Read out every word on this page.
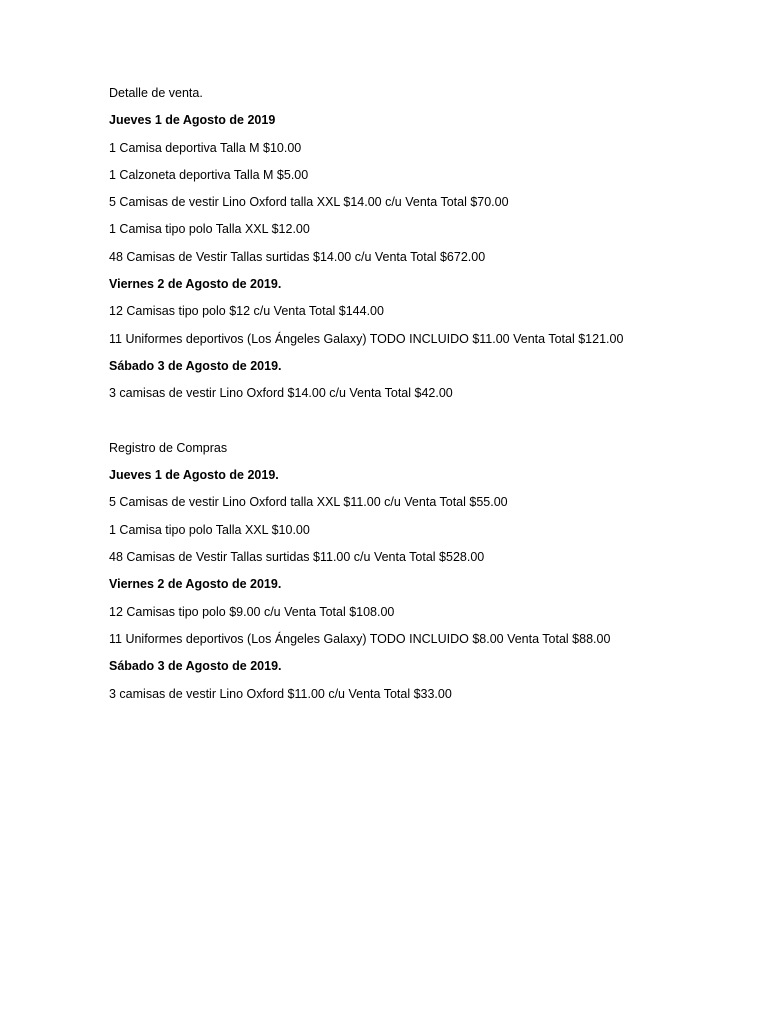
Detalle de venta.
Jueves 1 de Agosto de 2019
1 Camisa deportiva Talla M $10.00
1 Calzoneta deportiva Talla M $5.00
5 Camisas de vestir Lino Oxford talla XXL $14.00 c/u Venta Total $70.00
1 Camisa tipo polo Talla XXL $12.00
48 Camisas de Vestir Tallas surtidas $14.00 c/u Venta Total $672.00
Viernes 2 de Agosto de 2019.
12 Camisas tipo polo $12 c/u Venta Total $144.00
11 Uniformes deportivos (Los Ángeles Galaxy) TODO INCLUIDO $11.00 Venta Total $121.00
Sábado 3 de Agosto de 2019.
3 camisas de vestir Lino Oxford $14.00 c/u Venta Total $42.00
Registro de Compras
Jueves 1 de Agosto de 2019.
5 Camisas de vestir Lino Oxford talla XXL $11.00 c/u Venta Total $55.00
1 Camisa tipo polo Talla XXL $10.00
48 Camisas de Vestir Tallas surtidas $11.00 c/u Venta Total $528.00
Viernes 2 de Agosto de 2019.
12 Camisas tipo polo $9.00 c/u Venta Total $108.00
11 Uniformes deportivos (Los Ángeles Galaxy) TODO INCLUIDO $8.00 Venta Total $88.00
Sábado 3 de Agosto de 2019.
3 camisas de vestir Lino Oxford $11.00 c/u Venta Total $33.00
